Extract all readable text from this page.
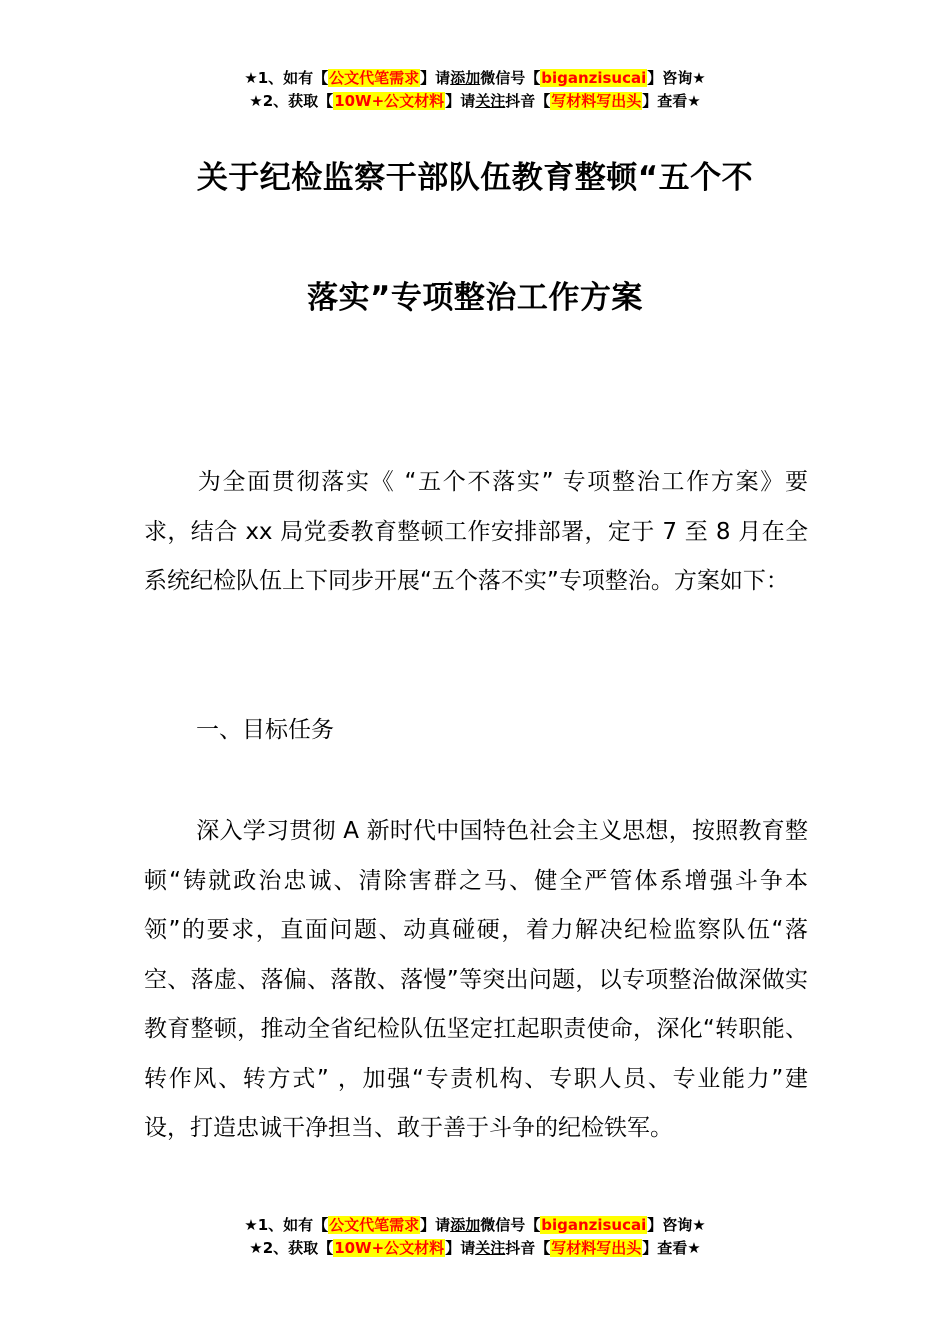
★1、如有【公文代笔需求】请添加微信号【biganzisucai】咨询★
★2、获取【10W+公文材料】请关注抖音【写材料写出头】查看★
关于纪检监察干部队伍教育整顿“五个不
落实”专项整治工作方案
为全面贯彻落实《 “五个不落实” 专项整治工作方案》要求，结合 xx 局党委教育整顿工作安排部署，定于 7 至 8 月在全系统纪检队伍上下同步开展“五个落不实”专项整治。方案如下：
一、目标任务
深入学习贯彻 A 新时代中国特色社会主义思想，按照教育整顿“铸就政治忠诚、清除害群之马、健全严管体系增强斗争本领”的要求，直面问题、动真碰硬，着力解决纪检监察队伍“落空、落虚、落偏、落散、落慢”等突出问题，以专项整治做深做实教育整顿，推动全省纪检队伍坚定扛起职责使命，深化“转职能、转作风、转方式” ，加强“专责机构、专职人员、专业能力”建设，打造忠诚干净担当、敢于善于斗争的纪检铁军。
★1、如有【公文代笔需求】请添加微信号【biganzisucai】咨询★
★2、获取【10W+公文材料】请关注抖音【写材料写出头】查看★
